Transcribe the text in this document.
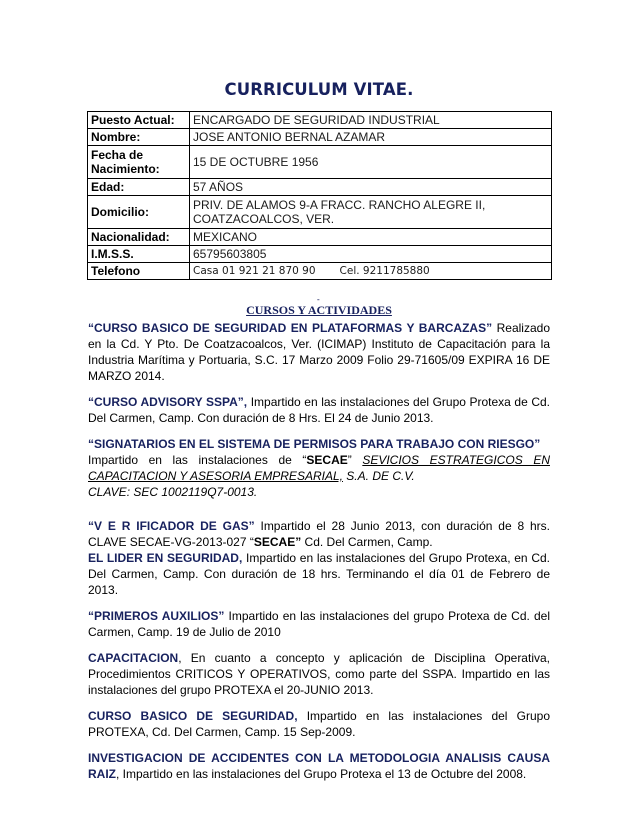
CURRICULUM VITAE.
Puesto Actual:	ENCARGADO DE SEGURIDAD INDUSTRIAL
Nombre:	JOSE ANTONIO BERNAL AZAMAR
Fecha de Nacimiento:	15 DE OCTUBRE 1956
Edad:	57 AÑOS
Domicilio:	PRIV. DE ALAMOS 9-A FRACC. RANCHO ALEGRE II, COATZACOALCOS, VER.
Nacionalidad:	MEXICANO
I.M.S.S.	65795603805
Telefono	Casa 01 921 21 870 90 Cel. 9211785880
-
CURSOS Y ACTIVIDADES

“CURSO BASICO DE SEGURIDAD EN PLATAFORMAS Y BARCAZAS” Realizado en la Cd. Y Pto. De Coatzacoalcos, Ver. (ICIMAP) Instituto de Capacitación para la Industria Marítima y Portuaria, S.C. 17 Marzo 2009 Folio 29-71605/09 EXPIRA 16 DE MARZO 2014.

“CURSO ADVISORY SSPA”, Impartido en las instalaciones del Grupo Protexa de Cd. Del Carmen, Camp. Con duración de 8 Hrs. El 24 de Junio 2013.

“SIGNATARIOS EN EL SISTEMA DE PERMISOS PARA TRABAJO CON RIESGO”
Impartido en las instalaciones de “SECAE” SEVICIOS ESTRATEGICOS EN CAPACITACION Y ASESORIA EMPRESARIAL, S.A. DE C.V.
CLAVE: SEC 1002119Q7-0013.

“V E R IFICADOR DE GAS” Impartido el 28 Junio 2013, con duración de 8 hrs. CLAVE SECAE-VG-2013-027 “SECAE” Cd. Del Carmen, Camp.

EL LIDER EN SEGURIDAD, Impartido en las instalaciones del Grupo Protexa, en Cd. Del Carmen, Camp. Con duración de 18 hrs. Terminando el día 01 de Febrero de 2013.

“PRIMEROS AUXILIOS” Impartido en las instalaciones del grupo Protexa de Cd. del Carmen, Camp. 19 de Julio de 2010

CAPACITACION, En cuanto a concepto y aplicación de Disciplina Operativa, Procedimientos CRITICOS Y OPERATIVOS, como parte del SSPA. Impartido en las instalaciones del grupo PROTEXA el 20-JUNIO 2013.

CURSO BASICO DE SEGURIDAD, Impartido en las instalaciones del Grupo PROTEXA, Cd. Del Carmen, Camp. 15 Sep-2009.

INVESTIGACION DE ACCIDENTES CON LA METODOLOGIA ANALISIS CAUSA RAIZ, Impartido en las instalaciones del Grupo Protexa el 13 de Octubre del 2008.
